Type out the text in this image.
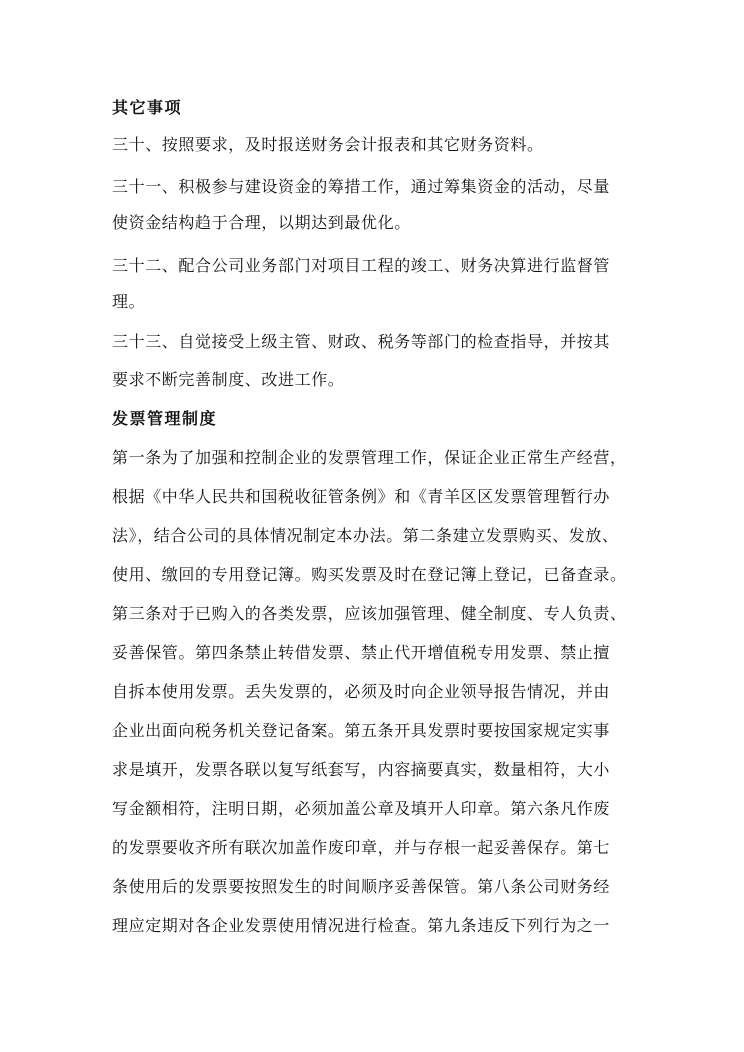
其它事项
三十、按照要求，及时报送财务会计报表和其它财务资料。
三十一、积极参与建设资金的筹措工作，通过筹集资金的活动，尽量
使资金结构趋于合理，以期达到最优化。
三十二、配合公司业务部门对项目工程的竣工、财务决算进行监督管
理。
三十三、自觉接受上级主管、财政、税务等部门的检查指导，并按其
要求不断完善制度、改进工作。
发票管理制度
第一条为了加强和控制企业的发票管理工作，保证企业正常生产经营，
根据《中华人民共和国税收征管条例》和《青羊区区发票管理暂行办
法》，结合公司的具体情况制定本办法。第二条建立发票购买、发放、
使用、缴回的专用登记簿。购买发票及时在登记簿上登记，已备查录。
第三条对于已购入的各类发票，应该加强管理、健全制度、专人负责、
妥善保管。第四条禁止转借发票、禁止代开增值税专用发票、禁止擅
自拆本使用发票。丢失发票的，必须及时向企业领导报告情况，并由
企业出面向税务机关登记备案。第五条开具发票时要按国家规定实事
求是填开，发票各联以复写纸套写，内容摘要真实，数量相符，大小
写金额相符，注明日期，必须加盖公章及填开人印章。第六条凡作废
的发票要收齐所有联次加盖作废印章，并与存根一起妥善保存。第七
条使用后的发票要按照发生的时间顺序妥善保管。第八条公司财务经
理应定期对各企业发票使用情况进行检查。第九条违反下列行为之一
